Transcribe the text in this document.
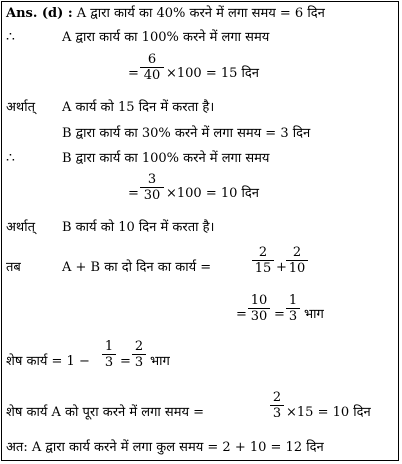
Ans. (d) : A द्वारा कार्य का 40% करने में लगा समय = 6 दिन
∴	A द्वारा कार्य का 100% करने में लगा समय
=
6
40 ×100 = 15 दिन
अर्थात् A कार्य को 15 दिन में करता है।
B द्वारा कार्य का 30% करने में लगा समय = 3 दिन
∴	B द्वारा कार्य का 100% करने में लगा समय
=
3
30 ×100 = 10 दिन
अर्थात् B कार्य को 10 दिन में करता है।
तब	A + B का दो दिन का कार्य =
2
15 +
2
10
=
10
30 =
1
3 भाग
शेष कार्य = 1 −
1
3 =
2
3 भाग
शेष कार्य A को पूरा करने में लगा समय =
2
3 ×15 = 10 दिन
अत: A द्वारा कार्य करने में लगा कुल समय = 2 + 10 = 12 दिन
